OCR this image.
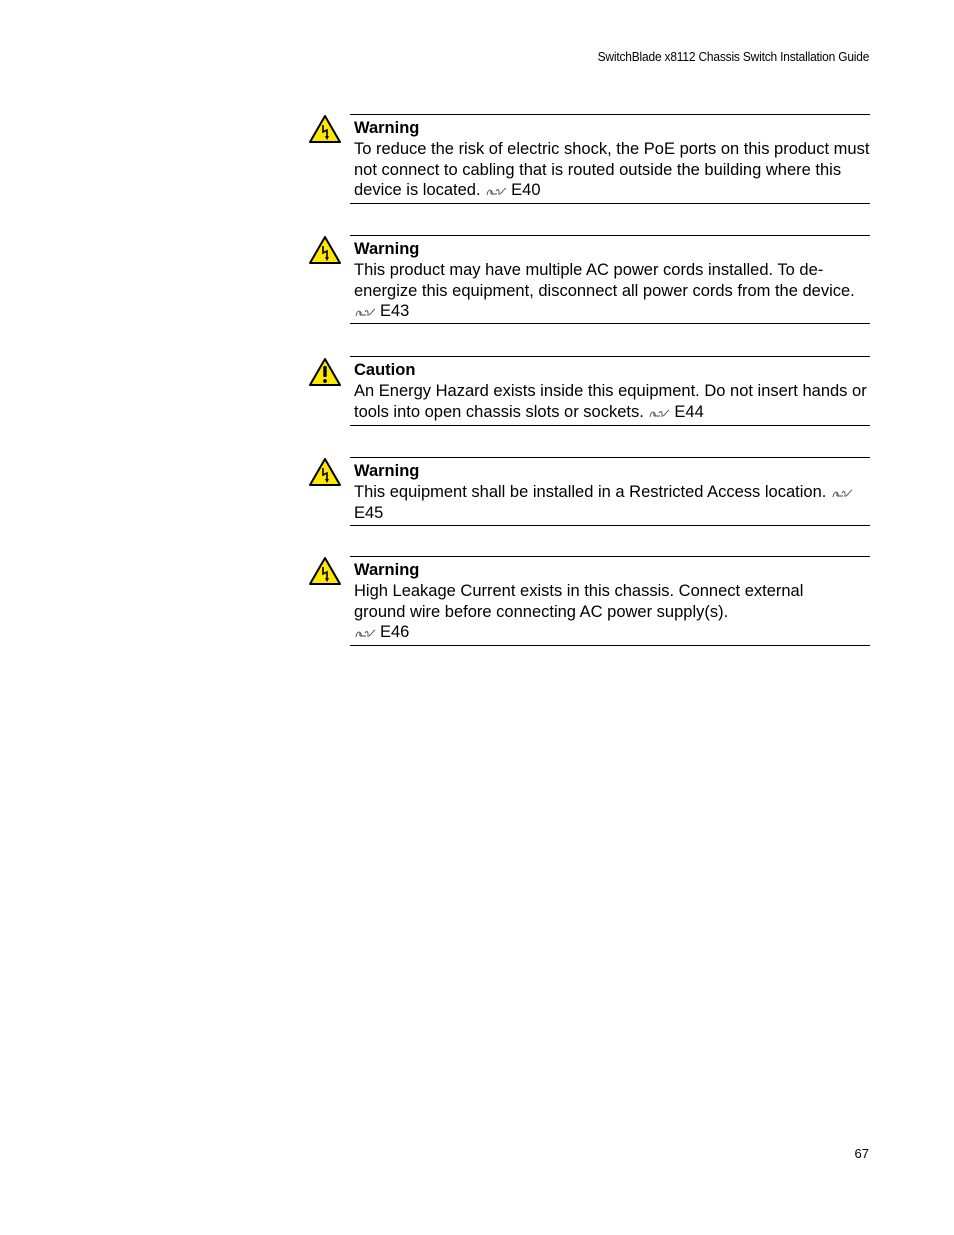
SwitchBlade x8112 Chassis Switch Installation Guide
Warning
To reduce the risk of electric shock, the PoE ports on this product must not connect to cabling that is routed outside the building where this device is located. E40
Warning
This product may have multiple AC power cords installed. To de-energize this equipment, disconnect all power cords from the device.
E43
Caution
An Energy Hazard exists inside this equipment. Do not insert hands or tools into open chassis slots or sockets. E44
Warning
This equipment shall be installed in a Restricted Access location.
E45
Warning
High Leakage Current exists in this chassis. Connect external ground wire before connecting AC power supply(s).
E46
67
